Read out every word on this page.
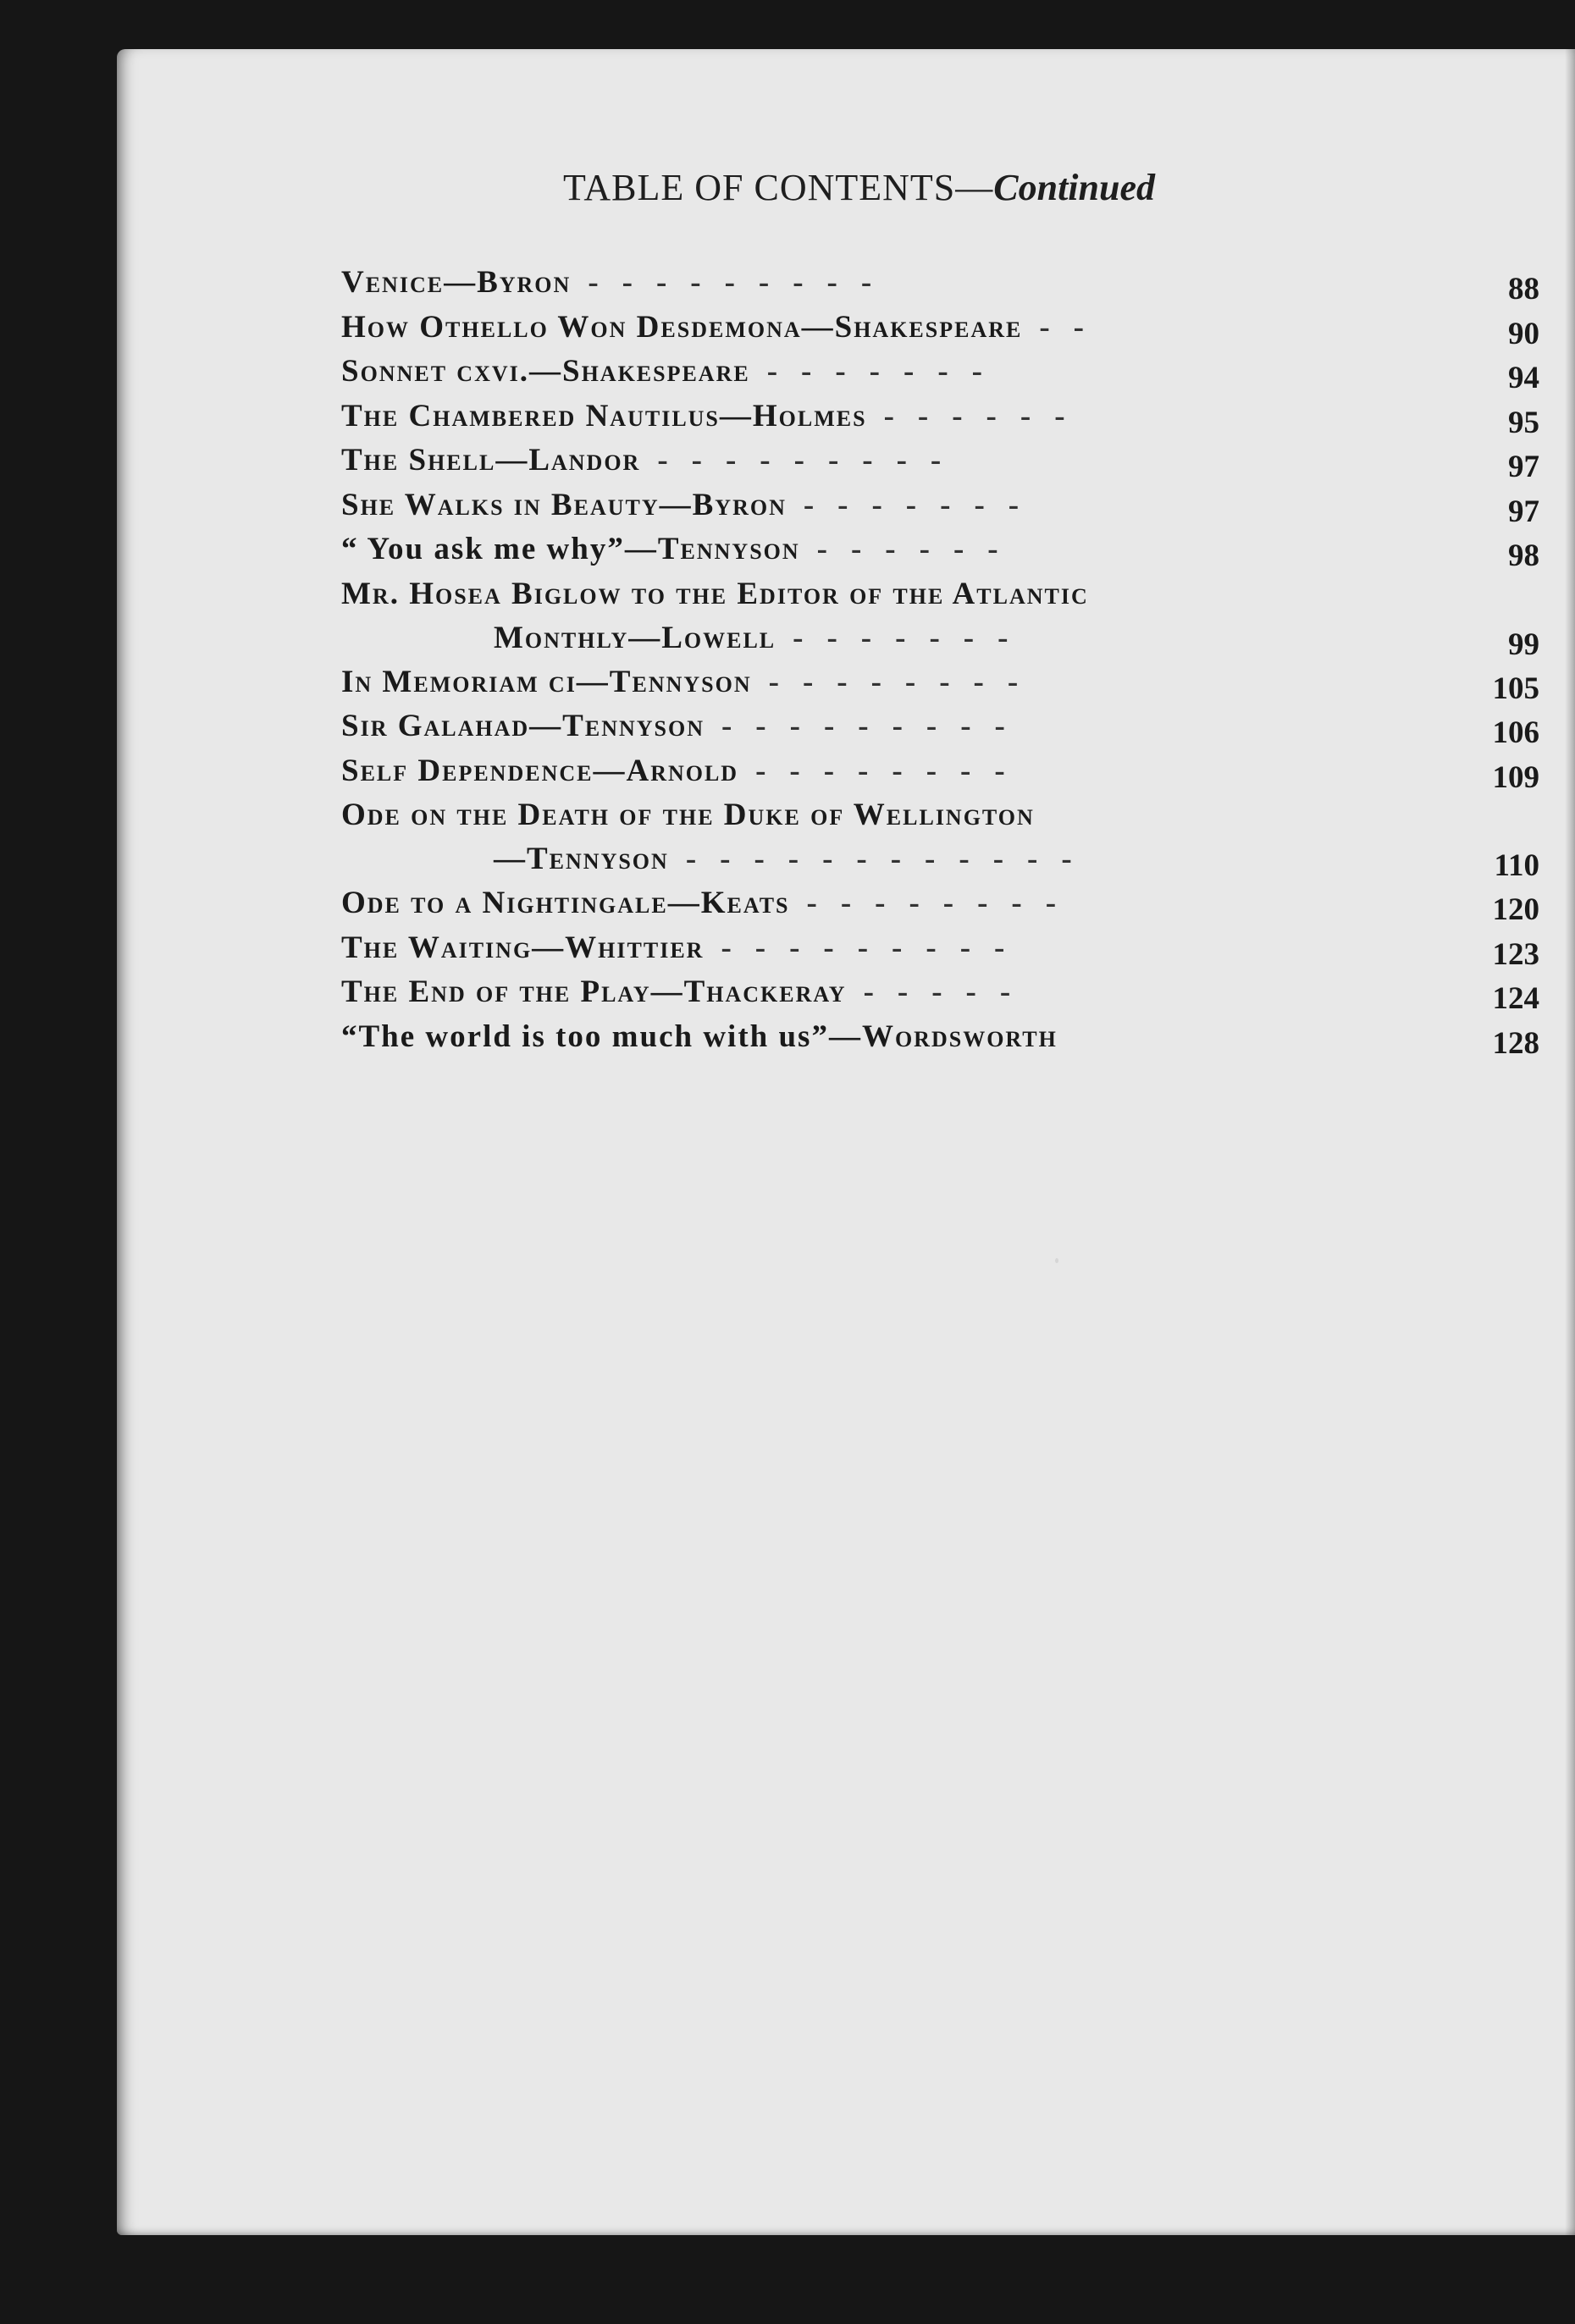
TABLE OF CONTENTS—Continued
Venice—Byron ---------	88
How Othello Won Desdemona—Shakespeare --	90
Sonnet cxvi.—Shakespeare -------	94
The Chambered Nautilus—Holmes ------	95
The Shell—Landor ---------	97
She Walks in Beauty—Byron -------	97
“ You ask me why”—Tennyson ------	98
Mr. Hosea Biglow to the Editor of the Atlantic
Monthly—Lowell -------	99
In Memoriam ci—Tennyson --------	105
Sir Galahad—Tennyson ---------	106
Self Dependence—Arnold --------	109
Ode on the Death of the Duke of Wellington
—Tennyson ------------	110
Ode to a Nightingale—Keats --------	120
The Waiting—Whittier ---------	123
The End of the Play—Thackeray -----	124
“The world is too much with us”—Wordsworth	128
